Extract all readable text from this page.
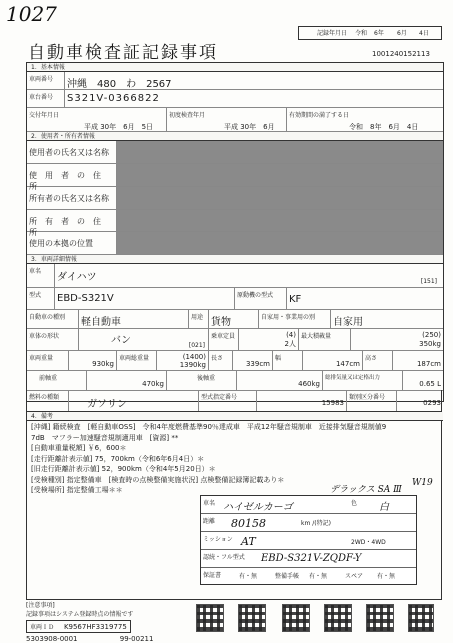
1027
記録年月日 令和 6年 6月 4日
自動車検査証記録事項	1001240152113
1．基本情報
車両番号	沖縄　480　わ　2567
車台番号	S321V-0366822
交付年月日
平成 30年　6月　5日
初度検査年月
平成 30年　6月
有効期間の満了する日
令和　8年　6月　4日
2．使用者・所有者情報
使用者の氏名又は名称
使　用　者　の　住　所
所有者の氏名又は名称
所　有　者　の　住　所
使用の本拠の位置
3．車両詳細情報
車名
ダイハツ	[151]
型式	EBD-S321V	原動機の型式	KF
自動車の種別	軽自動車	用途 貨物	自家用・事業用の別	自家用
車体の形状	バン	[021]
乗車定員	(4)
2人
最大積載量	(250)
350kg
車両重量
930kg
車両総重量	(1400)
1390kg
長さ
339cm
幅
147cm
高さ
187cm
前軸重
470kg
後軸重
460kg
総排気量又は定格出力
0.65 L
燃料の種類
ガソリン
型式指定番号
15983
類別区分番号
0293
4．備考
[沖縄] 籍続検査　[軽自動車OSS]　令和4年度燃費基準90％達成車　平成12年騒音規制車　近接排気騒音規制値9
7dB　マフラー加速騒音規制適用車　[資源] **
[自動車重量税額] ￥6，600＊
[走行距離計表示値] 75，700km（令和6年6月4日）＊
[旧走行距離計表示値] 52，900km（令和4年5月20日）＊
[受検種別] 指定整備車　[検査時の点検整備実施状況] 点検整備記録簿記載あり＊
[受検場所] 指定整備工場＊＊	デラックス SA Ⅲ
W19
車名 ハイゼルカーゴ	色 白
距離 80158	km /(特記)
ミッション AT	2WD・4WD
認続・フル型式 EBD-S321V-ZQDF-Y
保証書	有・無	整備手帳 有・無	スペア 有・無
[注意事項]
記録事項はシステム登録時点の情報です
車両ＩＤ K9567HF3319775
5303908-0001	99-00211
